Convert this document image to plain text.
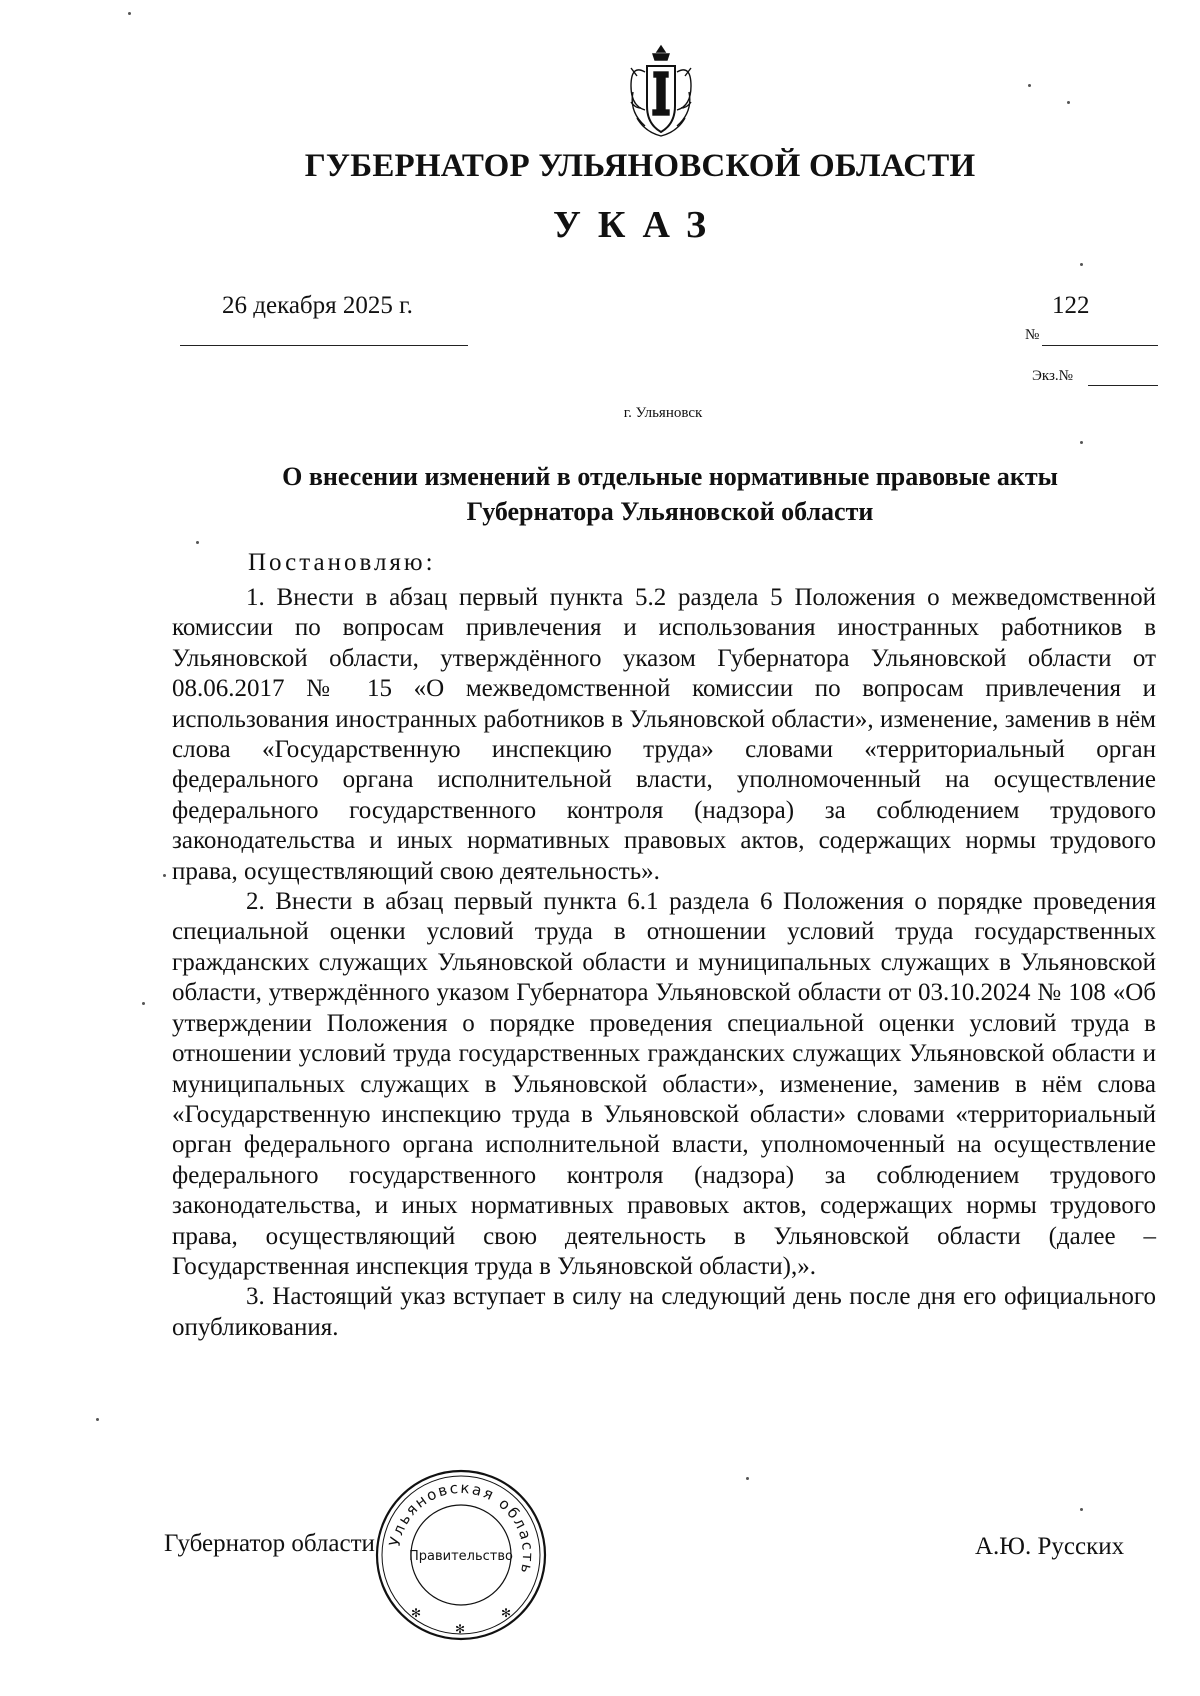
ГУБЕРНАТОР УЛЬЯНОВСКОЙ ОБЛАСТИ
УКАЗ
26 декабря 2025 г.	122
№
Экз.№
г. Ульяновск
О внесении изменений в отдельные нормативные правовые акты
Губернатора Ульяновской области
Постановляю:

1. Внести в абзац первый пункта 5.2 раздела 5 Положения о межведомственной комиссии по вопросам привлечения и использования иностранных работников в Ульяновской области, утверждённого указом Губернатора Ульяновской области от 08.06.2017 № 15 «О межведомственной комиссии по вопросам привлечения и использования иностранных работников в Ульяновской области», изменение, заменив в нём слова «Государственную инспекцию труда» словами «территориальный орган федерального органа исполнительной власти, уполномоченный на осуществление федерального государственного контроля (надзора) за соблюдением трудового законодательства и иных нормативных правовых актов, содержащих нормы трудового права, осуществляющий свою деятельность».

2. Внести в абзац первый пункта 6.1 раздела 6 Положения о порядке проведения специальной оценки условий труда в отношении условий труда государственных гражданских служащих Ульяновской области и муниципальных служащих в Ульяновской области, утверждённого указом Губернатора Ульяновской области от 03.10.2024 № 108 «Об утверждении Положения о порядке проведения специальной оценки условий труда в отношении условий труда государственных гражданских служащих Ульяновской области и муниципальных служащих в Ульяновской области», изменение, заменив в нём слова «Государственную инспекцию труда в Ульяновской области» словами «территориальный орган федерального органа исполнительной власти, уполномоченный на осуществление федерального государственного контроля (надзора) за соблюдением трудового законодательства, и иных нормативных правовых актов, содержащих нормы трудового права, осуществляющий свою деятельность в Ульяновской области (далее – Государственная инспекция труда в Ульяновской области),».

3. Настоящий указ вступает в силу на следующий день после дня его официального опубликования.

Губернатор области	А.Ю. Русских
Ульяновская область
Правительство
✻
✻
✻
